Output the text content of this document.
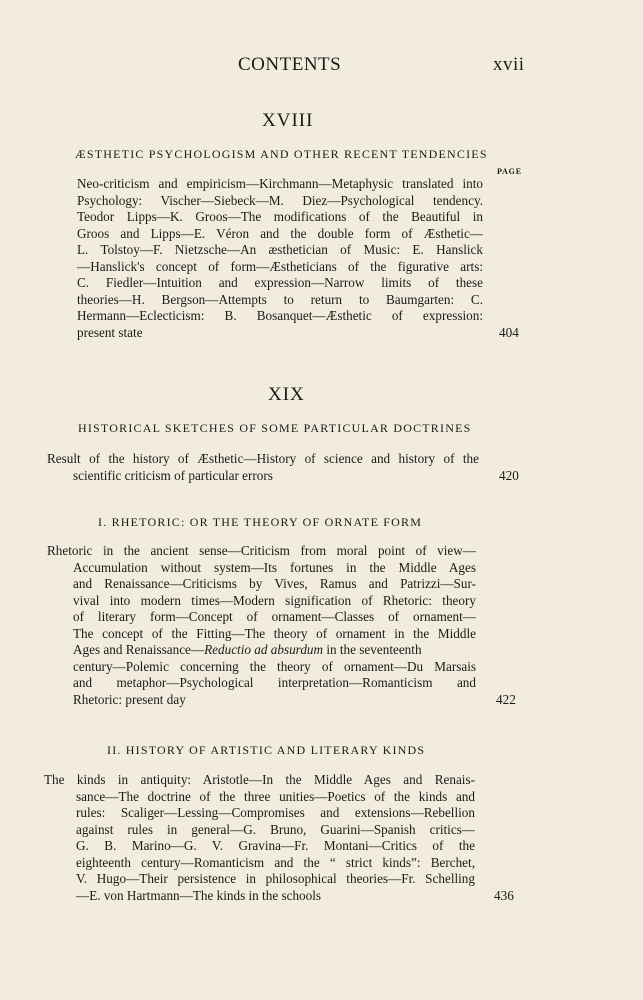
CONTENTS	xvii
XVIII
ÆSTHETIC PSYCHOLOGISM AND OTHER RECENT TENDENCIES
PAGE
Neo-criticism and empiricism—Kirchmann—Metaphysic translated into
Psychology: Vischer—Siebeck—M. Diez—Psychological tendency.
Teodor Lipps—K. Groos—The modifications of the Beautiful in
Groos and Lipps—E. Véron and the double form of Æsthetic—
L. Tolstoy—F. Nietzsche—An æsthetician of Music: E. Hanslick
—Hanslick's concept of form—Æstheticians of the figurative arts:
C. Fiedler—Intuition and expression—Narrow limits of these
theories—H. Bergson—Attempts to return to Baumgarten: C.
Hermann—Eclecticism: B. Bosanquet—Æsthetic of expression:
present state	404
XIX
HISTORICAL SKETCHES OF SOME PARTICULAR DOCTRINES
Result of the history of Æsthetic—History of science and history of the
scientific criticism of particular errors	420
I. RHETORIC: OR THE THEORY OF ORNATE FORM
Rhetoric in the ancient sense—Criticism from moral point of view—
Accumulation without system—Its fortunes in the Middle Ages
and Renaissance—Criticisms by Vives, Ramus and Patrizzi—Sur-
vival into modern times—Modern signification of Rhetoric: theory
of literary form—Concept of ornament—Classes of ornament—
The concept of the Fitting—The theory of ornament in the Middle
Ages and Renaissance—Reductio ad absurdum in the seventeenth
century—Polemic concerning the theory of ornament—Du Marsais
and metaphor—Psychological interpretation—Romanticism and
Rhetoric: present day	422
II. HISTORY OF ARTISTIC AND LITERARY KINDS
The kinds in antiquity: Aristotle—In the Middle Ages and Renais-
sance—The doctrine of the three unities—Poetics of the kinds and
rules: Scaliger—Lessing—Compromises and extensions—Rebellion
against rules in general—G. Bruno, Guarini—Spanish critics—
G. B. Marino—G. V. Gravina—Fr. Montani—Critics of the
eighteenth century—Romanticism and the “ strict kinds”: Berchet,
V. Hugo—Their persistence in philosophical theories—Fr. Schelling
—E. von Hartmann—The kinds in the schools	436
